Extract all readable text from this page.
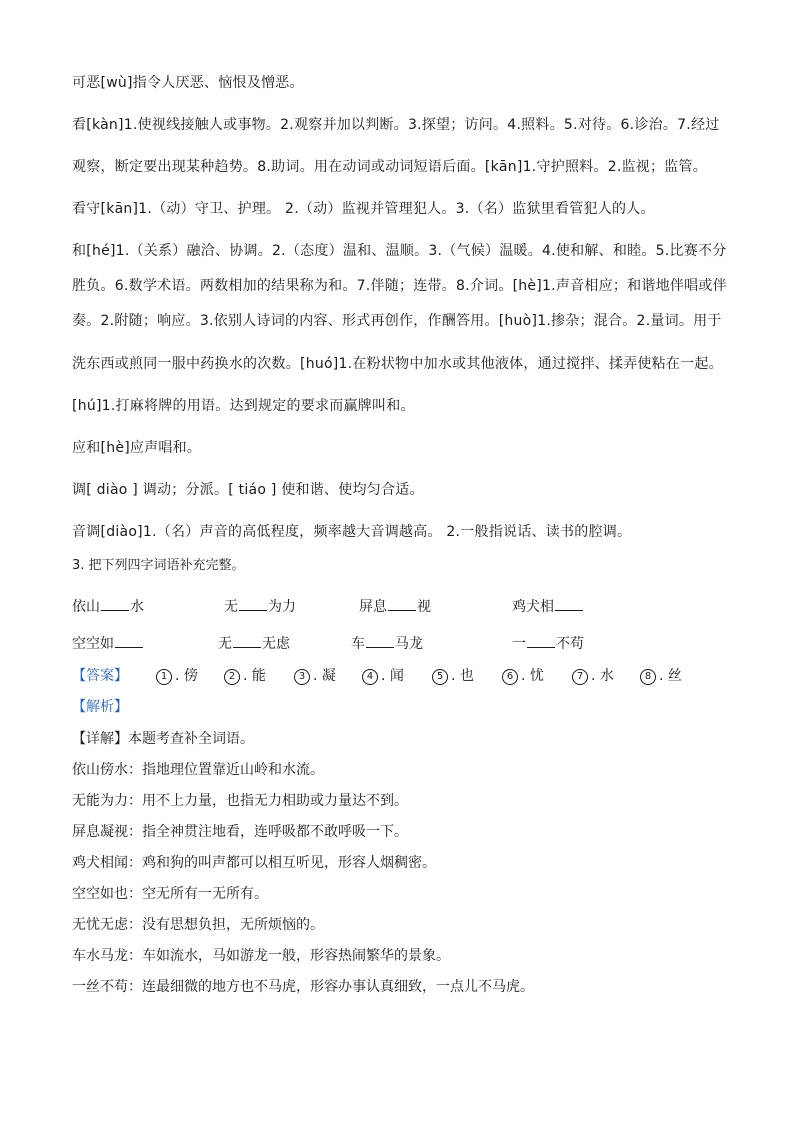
可恶[wù]指令人厌恶、恼恨及憎恶。
看[kàn]1.使视线接触人或事物。2.观察并加以判断。3.探望；访问。4.照料。5.对待。6.诊治。7.经过
观察，断定要出现某种趋势。8.助词。用在动词或动词短语后面。[kān]1.守护照料。2.监视；监管。
看守[kān]1.（动）守卫、护理。 2.（动）监视并管理犯人。3.（名）监狱里看管犯人的人。
和[hé]1.（关系）融洽、协调。2.（态度）温和、温顺。3.（气候）温暖。4.使和解、和睦。5.比赛不分
胜负。6.数学术语。两数相加的结果称为和。7.伴随；连带。8.介词。[hè]1.声音相应；和谐地伴唱或伴
奏。2.附随；响应。3.依别人诗词的内容、形式再创作，作酬答用。[huò]1.掺杂；混合。2.量词。用于
洗东西或煎同一服中药换水的次数。[huó]1.在粉状物中加水或其他液体，通过搅拌、揉弄使粘在一起。
[hú]1.打麻将牌的用语。达到规定的要求而赢牌叫和。
应和[hè]应声唱和。
调[ diào ] 调动；分派。[ tiáo ] 使和谐、使均匀合适。
音调[diào]1.（名）声音的高低程度，频率越大音调越高。 2.一般指说话、读书的腔调。
3. 把下列四字词语补充完整。
依山 水	无 为力	屏息 视	鸡犬相
空空如	无 无虑	车 马龙	一 不苟
【答案】	1 . 傍	2 . 能	3 . 凝	4 . 闻	5 . 也	6 . 忧	7 . 水	8 . 丝
【解析】
【详解】本题考查补全词语。
依山傍水：指地理位置靠近山岭和水流。
无能为力：用不上力量，也指无力相助或力量达不到。
屏息凝视：指全神贯注地看，连呼吸都不敢呼吸一下。
鸡犬相闻：鸡和狗的叫声都可以相互听见，形容人烟稠密。
空空如也：空无所有一无所有。
无忧无虑：没有思想负担，无所烦恼的。
车水马龙：车如流水，马如游龙一般，形容热闹繁华的景象。
一丝不苟：连最细微的地方也不马虎，形容办事认真细致，一点儿不马虎。
